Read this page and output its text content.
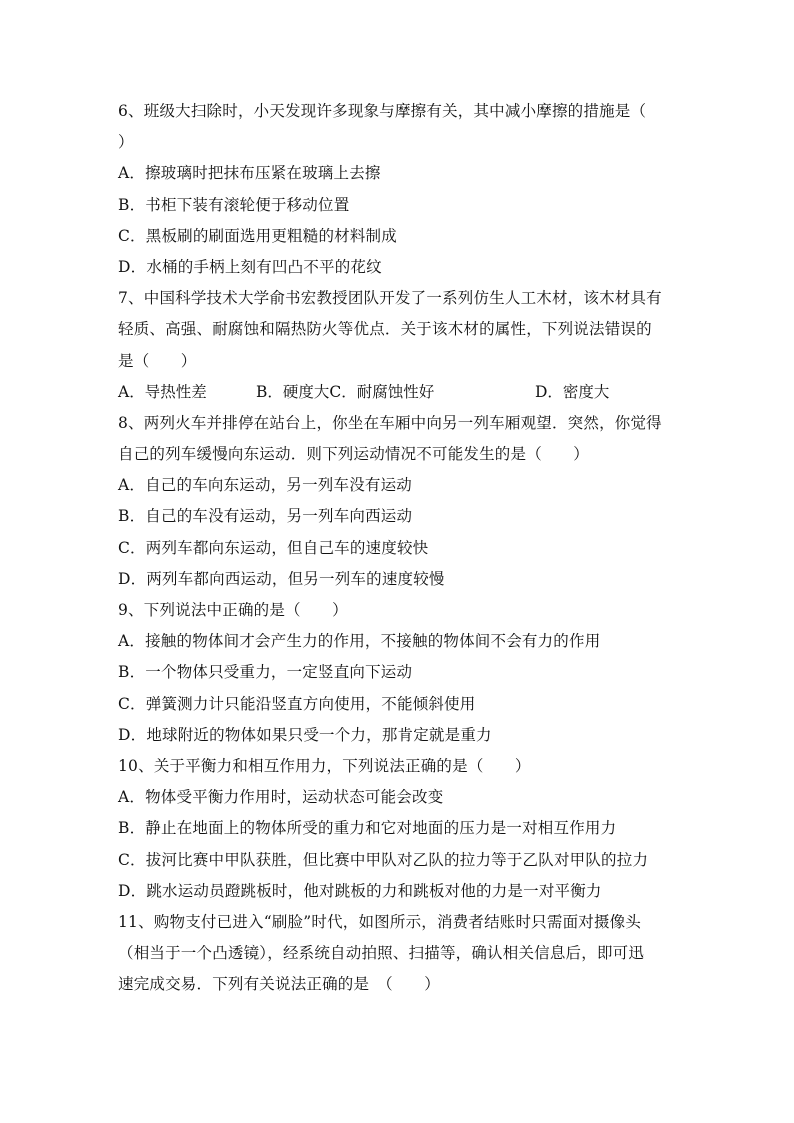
6、班级大扫除时，小天发现许多现象与摩擦有关，其中减小摩擦的措施是（
）
A．擦玻璃时把抹布压紧在玻璃上去擦
B．书柜下装有滚轮便于移动位置
C．黑板刷的刷面选用更粗糙的材料制成
D．水桶的手柄上刻有凹凸不平的花纹
7、中国科学技术大学俞书宏教授团队开发了一系列仿生人工木材，该木材具有
轻质、高强、耐腐蚀和隔热防火等优点．关于该木材的属性，下列说法错误的
是（　　）
A．导热性差	B．硬度大C．耐腐蚀性好	D．密度大
8、两列火车并排停在站台上，你坐在车厢中向另一列车厢观望．突然，你觉得
自己的列车缓慢向东运动．则下列运动情况不可能发生的是（　　）
A．自己的车向东运动，另一列车没有运动
B．自己的车没有运动，另一列车向西运动
C．两列车都向东运动，但自己车的速度较快
D．两列车都向西运动，但另一列车的速度较慢
9、下列说法中正确的是（　　）
A．接触的物体间才会产生力的作用，不接触的物体间不会有力的作用
B．一个物体只受重力，一定竖直向下运动
C．弹簧测力计只能沿竖直方向使用，不能倾斜使用
D．地球附近的物体如果只受一个力，那肯定就是重力
10、关于平衡力和相互作用力，下列说法正确的是（　　）
A．物体受平衡力作用时，运动状态可能会改变
B．静止在地面上的物体所受的重力和它对地面的压力是一对相互作用力
C．拔河比赛中甲队获胜，但比赛中甲队对乙队的拉力等于乙队对甲队的拉力
D．跳水运动员蹬跳板时，他对跳板的力和跳板对他的力是一对平衡力
11、购物支付已进入“刷脸”时代，如图所示，消费者结账时只需面对摄像头
（相当于一个凸透镜），经系统自动拍照、扫描等，确认相关信息后，即可迅
速完成交易．下列有关说法正确的是　（　　）
